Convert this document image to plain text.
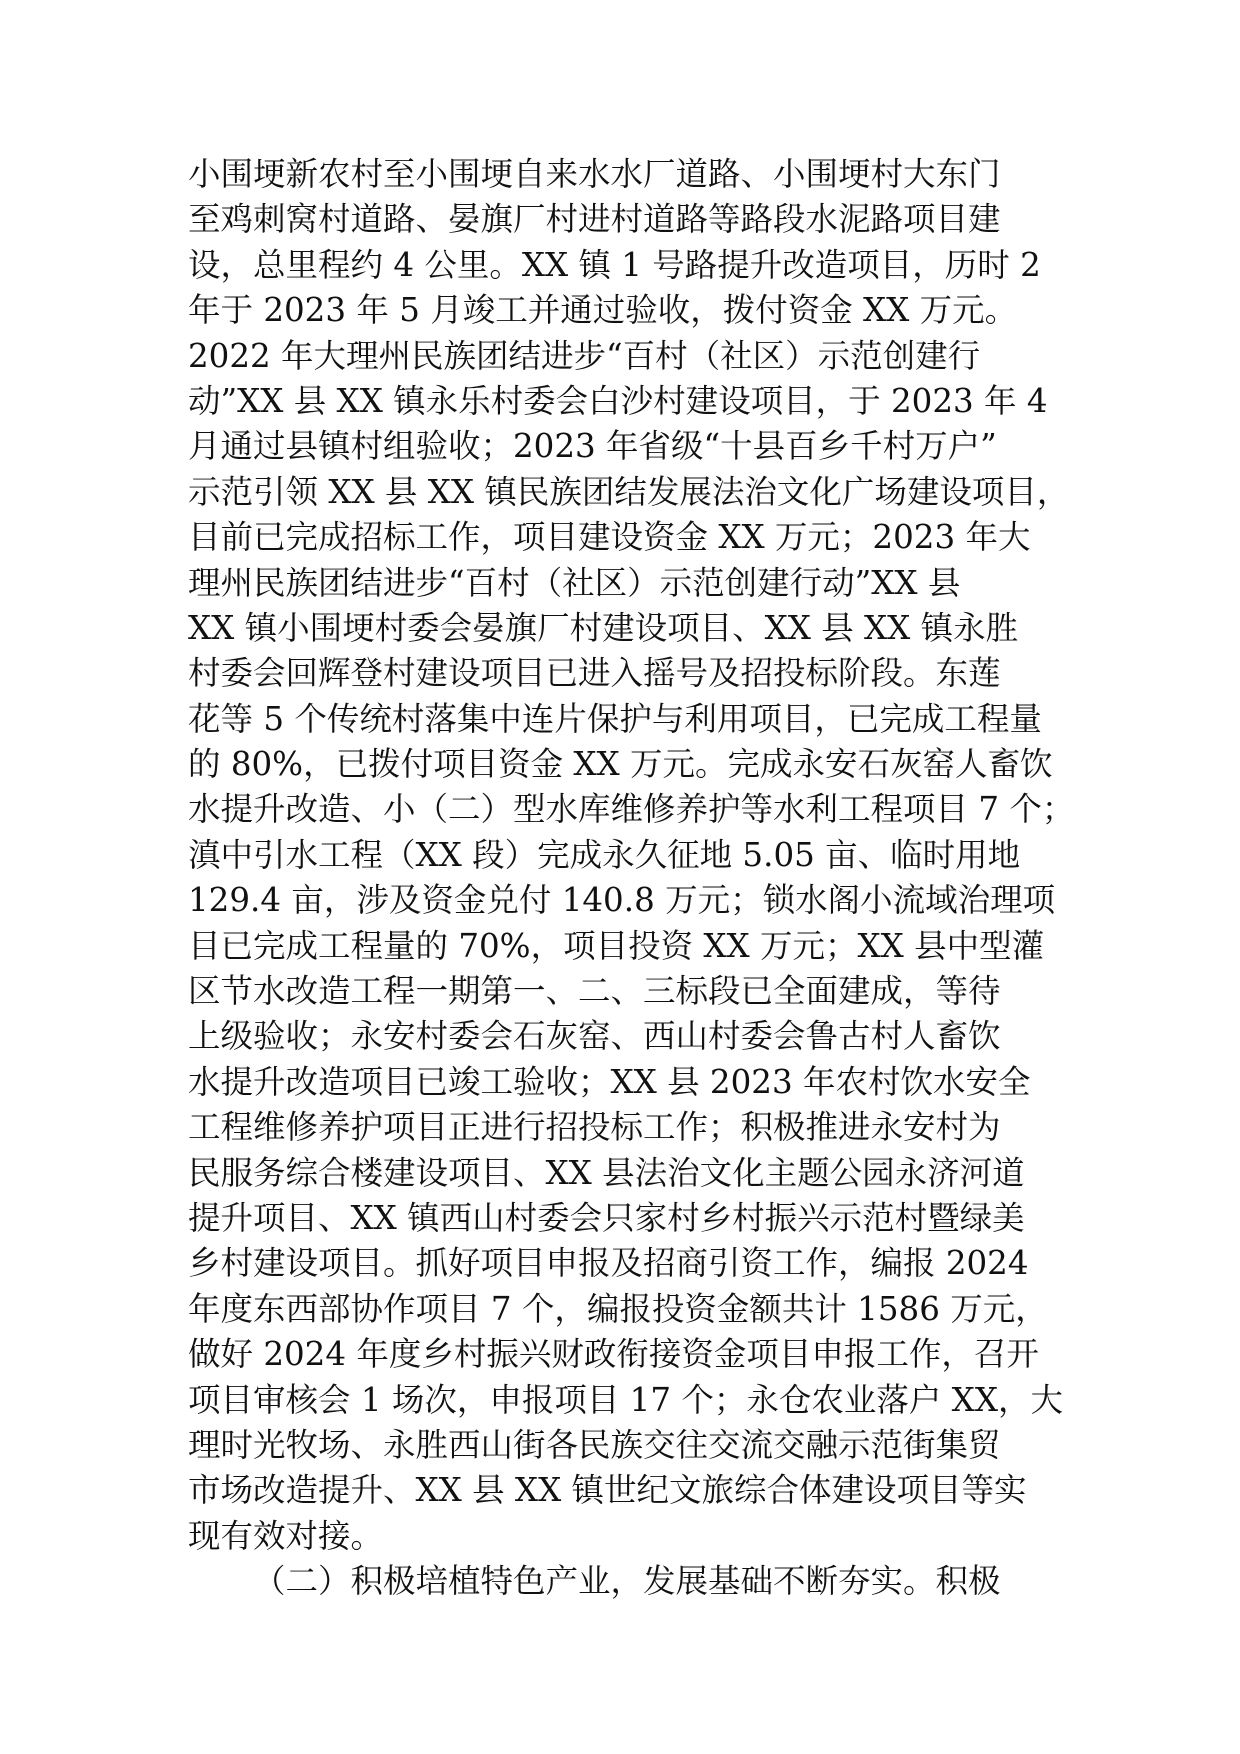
小围埂新农村至小围埂自来水水厂道路、小围埂村大东门
至鸡刺窝村道路、晏旗厂村进村道路等路段水泥路项目建
设，总里程约 4 公里。XX 镇 1 号路提升改造项目，历时 2
年于 2023 年 5 月竣工并通过验收，拨付资金 XX 万元。
2022 年大理州民族团结进步“百村（社区）示范创建行
动”XX 县 XX 镇永乐村委会白沙村建设项目，于 2023 年 4
月通过县镇村组验收；2023 年省级“十县百乡千村万户”
示范引领 XX 县 XX 镇民族团结发展法治文化广场建设项目，
目前已完成招标工作，项目建设资金 XX 万元；2023 年大
理州民族团结进步“百村（社区）示范创建行动”XX 县
XX 镇小围埂村委会晏旗厂村建设项目、XX 县 XX 镇永胜
村委会回辉登村建设项目已进入摇号及招投标阶段。东莲
花等 5 个传统村落集中连片保护与利用项目，已完成工程量
的 80%，已拨付项目资金 XX 万元。完成永安石灰窑人畜饮
水提升改造、小（二）型水库维修养护等水利工程项目 7 个；
滇中引水工程（XX 段）完成永久征地 5.05 亩、临时用地
129.4 亩，涉及资金兑付 140.8 万元；锁水阁小流域治理项
目已完成工程量的 70%，项目投资 XX 万元；XX 县中型灌
区节水改造工程一期第一、二、三标段已全面建成，等待
上级验收；永安村委会石灰窑、西山村委会鲁古村人畜饮
水提升改造项目已竣工验收；XX 县 2023 年农村饮水安全
工程维修养护项目正进行招投标工作；积极推进永安村为
民服务综合楼建设项目、XX 县法治文化主题公园永济河道
提升项目、XX 镇西山村委会只家村乡村振兴示范村暨绿美
乡村建设项目。抓好项目申报及招商引资工作，编报 2024
年度东西部协作项目 7 个，编报投资金额共计 1586 万元，
做好 2024 年度乡村振兴财政衔接资金项目申报工作，召开
项目审核会 1 场次，申报项目 17 个；永仓农业落户 XX，大
理时光牧场、永胜西山街各民族交往交流交融示范街集贸
市场改造提升、XX 县 XX 镇世纪文旅综合体建设项目等实
现有效对接。
（二）积极培植特色产业，发展基础不断夯实。积极
